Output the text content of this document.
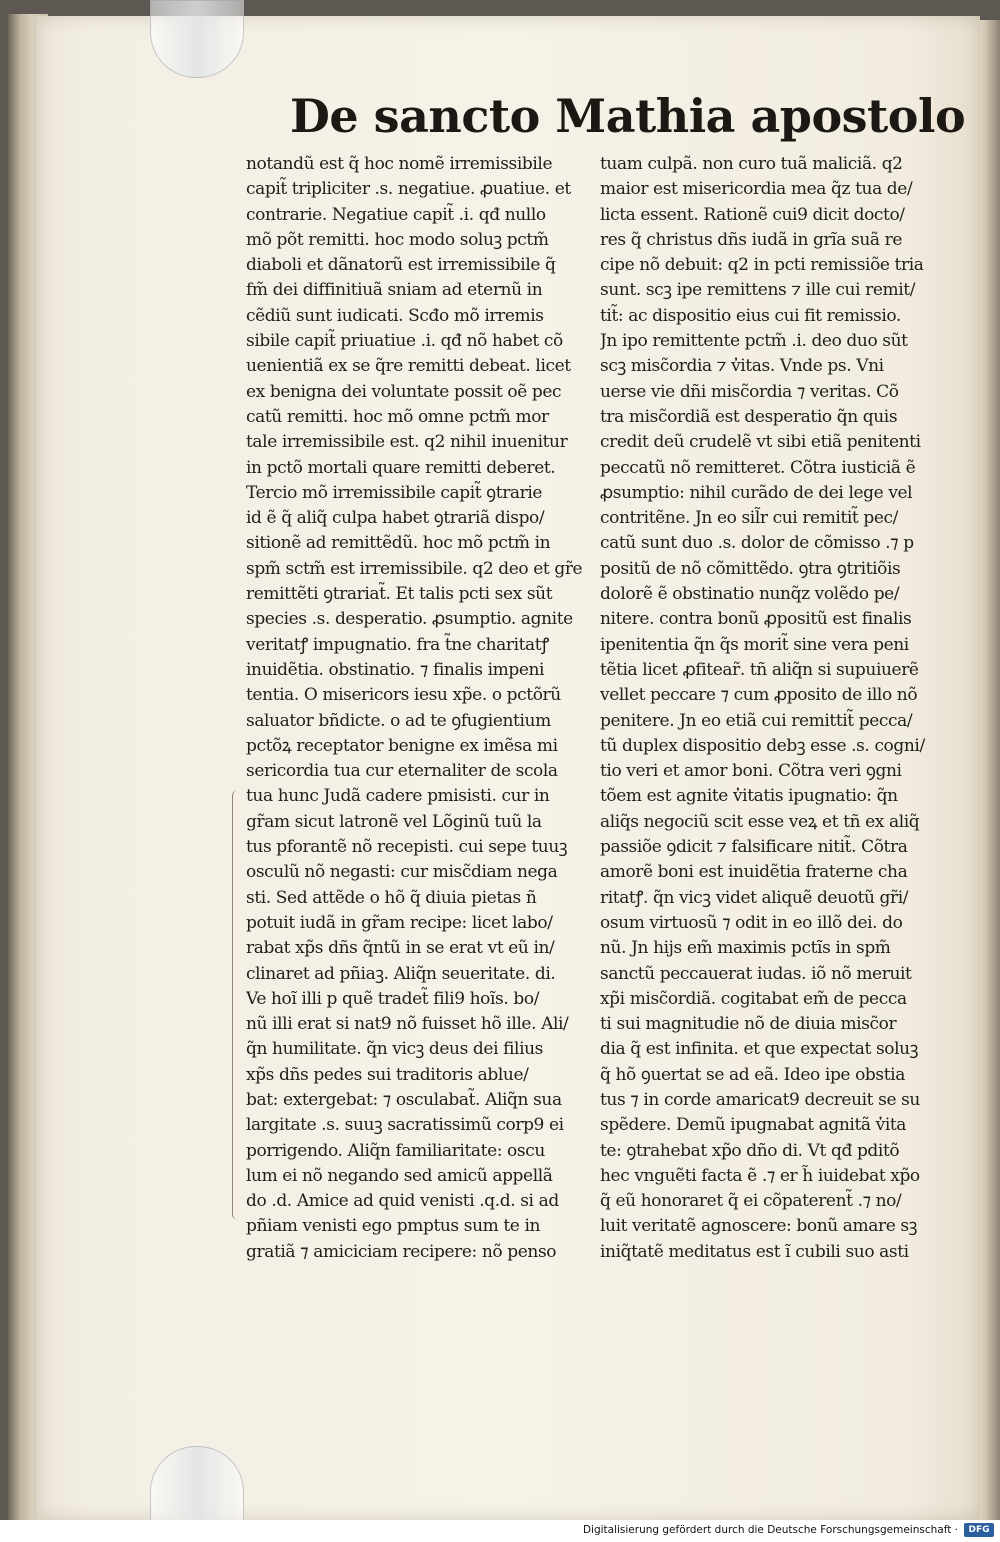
De sancto Mathia apostolo
notandũ est q̃ hoc nomẽ irremissibile
capit̃ tripliciter .s. negatiue. ꝓuatiue. et
contrarie. Negatiue capit̃ .i. qđ nullo
mõ põt remitti. hoc modo soluꝫ pctm̃
diaboli et dãnatorũ est irremissibile q̃
fm̃ dei diffinitiuã sniam ad eternũ in
cẽdiũ sunt iudicati. Scđo mõ irremis
sibile capit̃ priuatiue .i. qđ nõ habet cõ
uenientiã ex se q̃re remitti debeat. licet
ex benigna dei voluntate possit oẽ pec
catũ remitti. hoc mõ omne pctm̃ mor
tale irremissibile est. q2 nihil inuenitur
in pctõ mortali quare remitti deberet.
Tercio mõ irremissibile capit̃ ꝯtrarie
id ẽ q̃ aliq̃ culpa habet ꝯtrariã dispo/
sitionẽ ad remittẽdũ. hoc mõ pctm̃ in
spm̃ sctm̃ est irremissibile. q2 deo et gr̃e
remittẽti ꝯtrariat̃. Et talis pcti sex sũt
species .s. desperatio. ꝓsumptio. agnite
veritatꝭ impugnatio. fra t̃ne charitatꝭ
inuidẽtia. obstinatio. ⁊ finalis impeni
tentia. O misericors iesu xp̃e. o pctõrũ
saluator bñdicte. o ad te ꝯfugientium
pctõꝝ receptator benigne ex imẽsa mi
sericordia tua cur eternaliter de scola
tua hunc Judã cadere pmisisti. cur in
gr̃am sicut latronẽ vel Lõginũ tuũ la
tus pforantẽ nõ recepisti. cui sepe tuuꝫ
osculũ nõ negasti: cur misc̃diam nega
sti. Sed attẽde o hõ q̃ diuia pietas ñ
potuit iudã in gr̃am recipe: licet labo/
rabat xp̃s dñs q̃ntũ in se erat vt eũ in/
clinaret ad pñiaꝫ. Aliq̃n seueritate. di.
Ve hoĩ illi p quẽ tradet̃ fili9 hoĩs. bo/
nũ illi erat si nat9 nõ fuisset hõ ille. Ali/
q̃n humilitate. q̃n vicꝫ deus dei filius
xp̃s dñs pedes sui traditoris ablue/
bat: extergebat: ⁊ osculabat̃. Aliq̃n sua
largitate .s. suuꝫ sacratissimũ corp9 ei
porrigendo. Aliq̃n familiaritate: oscu
lum ei nõ negando sed amicũ appellã
do .d. Amice ad quid venisti .q.d. si ad
pñiam venisti ego pmptus sum te in
gratiã ⁊ amiciciam recipere: nõ penso
tuam culpã. non curo tuã maliciã. q2
maior est misericordia mea q̃z tua de/
licta essent. Rationẽ cui9 dicit docto/
res q̃ christus dñs iudã in grĩa suã re
cipe nõ debuit: q2 in pcti remissiõe tria
sunt. scꝫ ipe remittens ⁊ ille cui remit/
tit̃: ac dispositio eius cui fit remissio.
Jn ipo remittente pctm̃ .i. deo duo sũt
scꝫ misc̃ordia ⁊ v̓itas. Vnde ps. Vni
uerse vie dñi misc̃ordia ⁊ veritas. Cõ
tra misc̃ordiã est desperatio q̃n quis
credit deũ crudelẽ vt sibi etiã penitenti
peccatũ nõ remitteret. Cõtra iusticiã ẽ
ꝓsumptio: nihil curãdo de dei lege vel
contritẽne. Jn eo sil̃r cui remitit̃ pec/
catũ sunt duo .s. dolor de cõmisso .⁊ p
positũ de nõ cõmittẽdo. ꝯtra ꝯtritiõis
dolorẽ ẽ obstinatio nunq̃z volẽdo pe/
nitere. contra bonũ ꝓpositũ est finalis
ipenitentia q̃n q̃s morit̃ sine vera peni
tẽtia licet ꝓfitear̃. tñ aliq̃n si supuiuerẽ
vellet peccare ⁊ cum ꝓposito de illo nõ
penitere. Jn eo etiã cui remittit̃ pecca/
tũ duplex dispositio debꝫ esse .s. cogni/
tio veri et amor boni. Cõtra veri ꝯgni
tõem est agnite v̓itatis ipugnatio: q̃n
aliq̃s negociũ scit esse veꝝ et tñ ex aliq̃
passiõe ꝯdicit ⁊ falsificare nitit̃. Cõtra
amorẽ boni est inuidẽtia fraterne cha
ritatꝭ. q̃n vicꝫ videt aliquẽ deuotũ gr̃i/
osum virtuosũ ⁊ odit in eo illõ dei. do
nũ. Jn hijs em̃ maximis pctĩs in spm̃
sanctũ peccauerat iudas. iõ nõ meruit
xp̃i misc̃ordiã. cogitabat em̃ de pecca
ti sui magnitudie nõ de diuia misc̃or
dia q̃ est infinita. et que expectat soluꝫ
q̃ hõ ꝯuertat se ad eã. Ideo ipe obstia
tus ⁊ in corde amaricat9 decreuit se su
spẽdere. Demũ ipugnabat agnitã v̓ita
te: ꝯtrahebat xp̃o dño di. Vt qđ pditõ
hec vnguẽti facta ẽ .⁊ er h̃ iuidebat xp̃o
q̃ eũ honoraret q̃ ei cõpaterent̃ .⁊ no/
luit veritatẽ agnoscere: bonũ amare sꝫ
iniq̃tatẽ meditatus est ĩ cubili suo asti
Digitalisierung gefördert durch die Deutsche Forschungsgemeinschaft ·	DFG
